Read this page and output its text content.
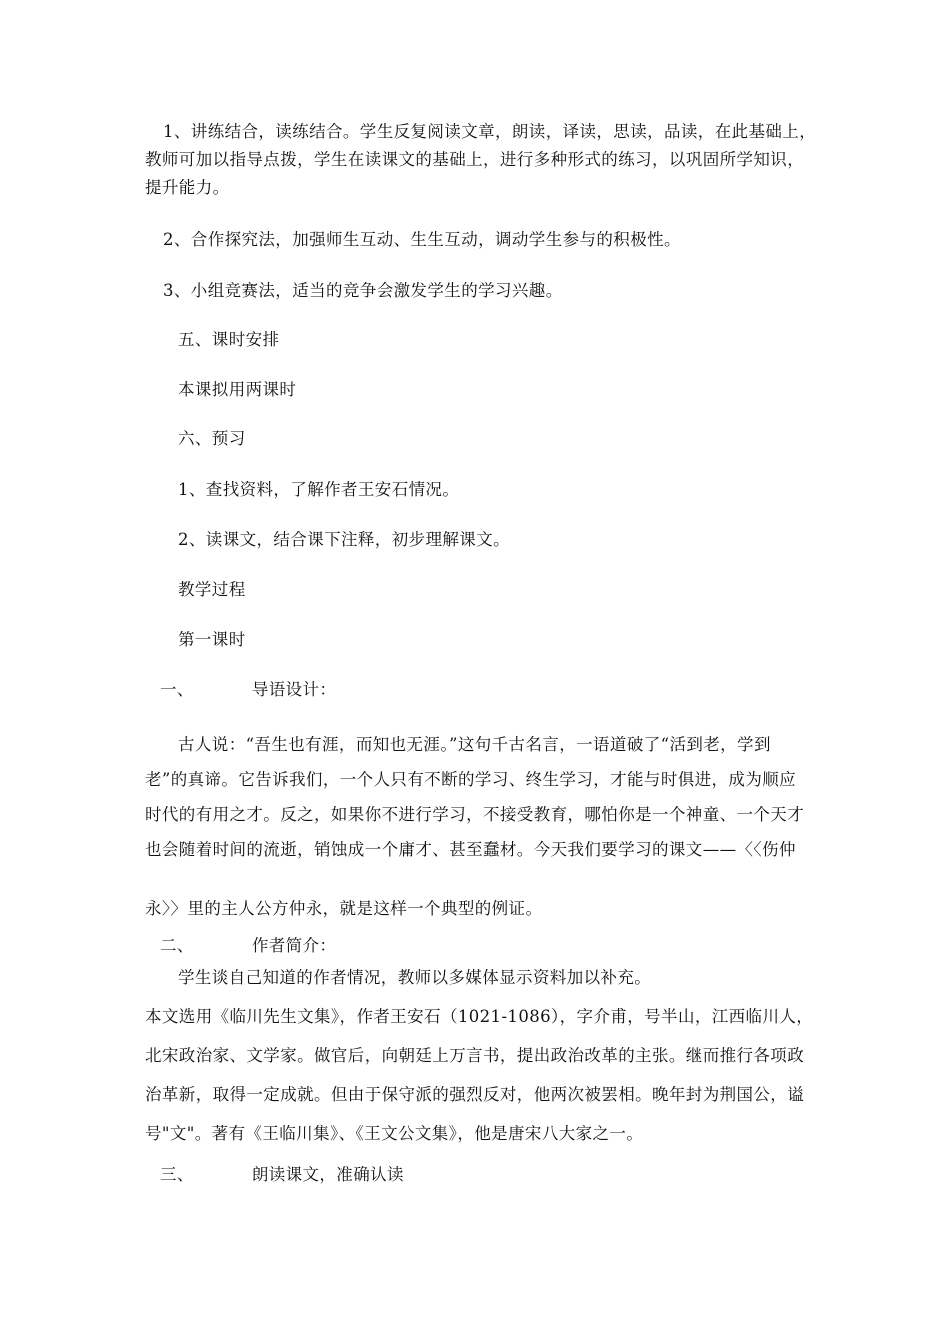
1、讲练结合，读练结合。学生反复阅读文章，朗读，译读，思读，品读，在此基础上，
教师可加以指导点拨，学生在读课文的基础上，进行多种形式的练习，以巩固所学知识，
提升能力。
2、合作探究法，加强师生互动、生生互动，调动学生参与的积极性。
3、小组竞赛法，适当的竞争会激发学生的学习兴趣。
五、课时安排
本课拟用两课时
六、预习
1、查找资料，了解作者王安石情况。
2、读课文，结合课下注释，初步理解课文。
教学过程
第一课时
一、	导语设计：
古人说：“吾生也有涯，而知也无涯。”这句千古名言，一语道破了“活到老，学到
老”的真谛。它告诉我们，一个人只有不断的学习、终生学习，才能与时俱进，成为顺应
时代的有用之才。反之，如果你不进行学习，不接受教育，哪怕你是一个神童、一个天才
也会随着时间的流逝，销蚀成一个庸才、甚至蠢材。今天我们要学习的课文——〈〈伤仲
永〉〉里的主人公方仲永，就是这样一个典型的例证。
二、	作者简介：
学生谈自己知道的作者情况，教师以多媒体显示资料加以补充。
本文选用《临川先生文集》，作者王安石（1021-1086），字介甫，号半山，江西临川人，
北宋政治家、文学家。做官后，向朝廷上万言书，提出政治改革的主张。继而推行各项政
治革新，取得一定成就。但由于保守派的强烈反对，他两次被罢相。晚年封为荆国公，谥
号"文"。著有《王临川集》、《王文公文集》，他是唐宋八大家之一。
三、	朗读课文，准确认读
